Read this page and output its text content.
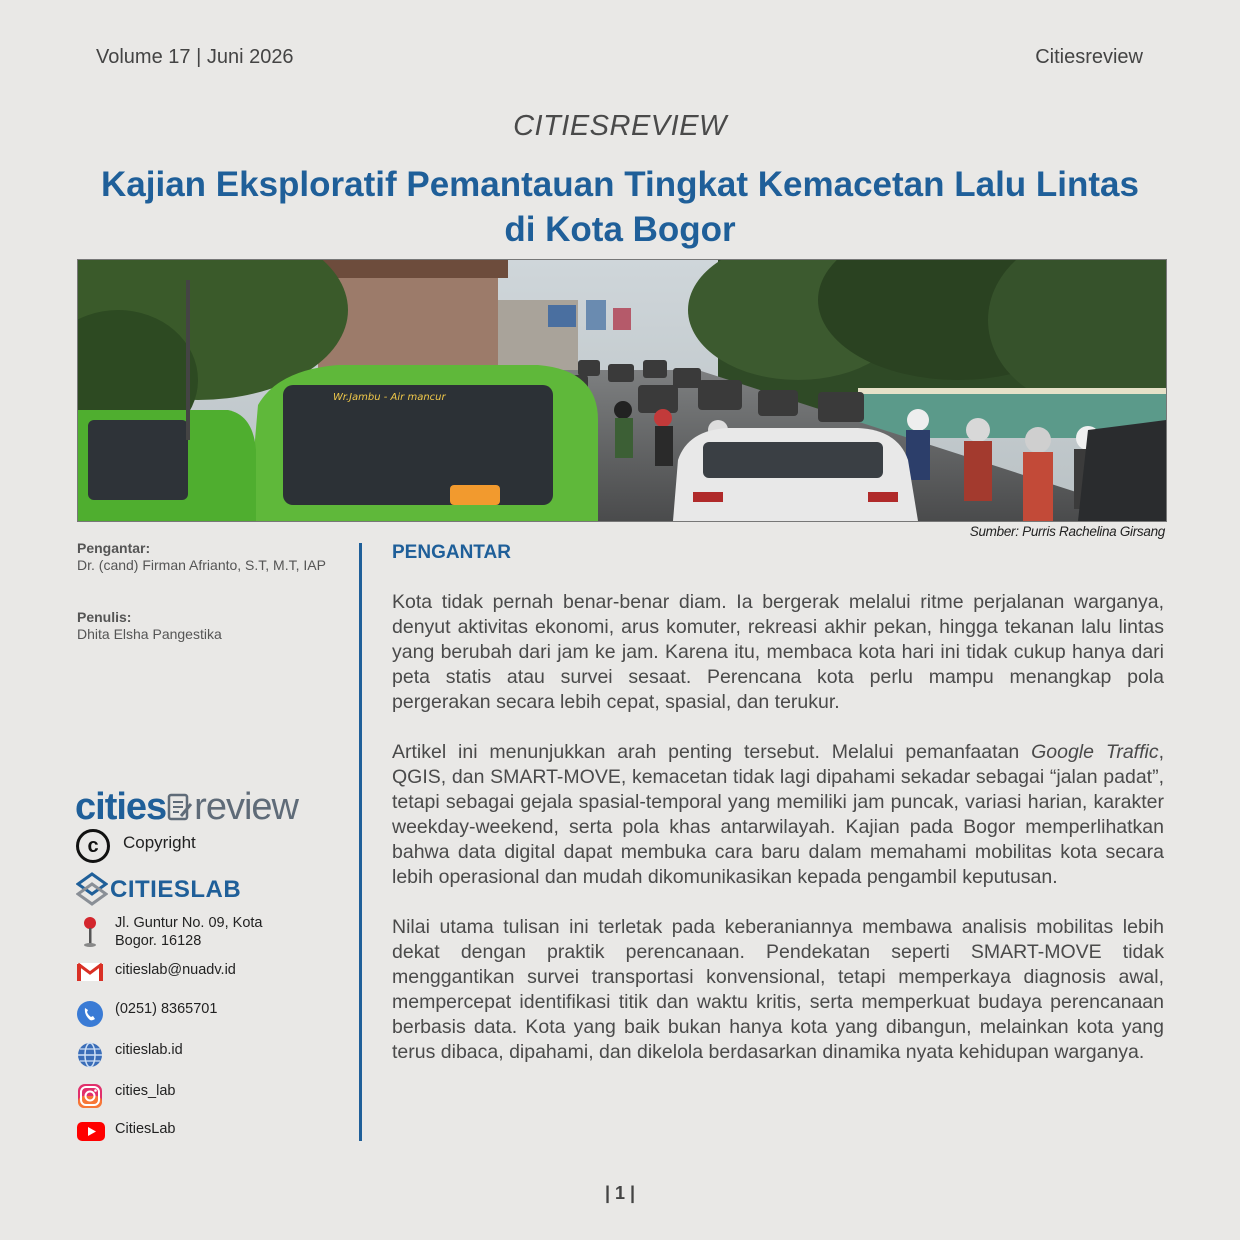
Volume 17 | Juni 2026	Citiesreview
CITIESREVIEW
Kajian Eksploratif Pemantauan Tingkat Kemacetan Lalu Lintas di Kota Bogor
Wr.Jambu - Air mancur
Sumber: Purris Rachelina Girsang
Pengantar:
Dr. (cand) Firman Afrianto, S.T, M.T, IAP
Penulis:
Dhita Elsha Pangestika
PENGANTAR

Kota tidak pernah benar-benar diam. Ia bergerak melalui ritme perjalanan warganya, denyut aktivitas ekonomi, arus komuter, rekreasi akhir pekan, hingga tekanan lalu lintas yang berubah dari jam ke jam. Karena itu, membaca kota hari ini tidak cukup hanya dari peta statis atau survei sesaat. Perencana kota perlu mampu menangkap pola pergerakan secara lebih cepat, spasial, dan terukur.

Artikel ini menunjukkan arah penting tersebut. Melalui pemanfaatan Google Traffic, QGIS, dan SMART-MOVE, kemacetan tidak lagi dipahami sekadar sebagai “jalan padat”, tetapi sebagai gejala spasial-temporal yang memiliki jam puncak, variasi harian, karakter weekday-weekend, serta pola khas antarwilayah. Kajian pada Bogor memperlihatkan bahwa data digital dapat membuka cara baru dalam memahami mobilitas kota secara lebih operasional dan mudah dikomunikasikan kepada pengambil keputusan.

Nilai utama tulisan ini terletak pada keberaniannya membawa analisis mobilitas lebih dekat dengan praktik perencanaan. Pendekatan seperti SMART-MOVE tidak menggantikan survei transportasi konvensional, tetapi memperkaya diagnosis awal, mempercepat identifikasi titik dan waktu kritis, serta memperkuat budaya perencanaan berbasis data. Kota yang baik bukan hanya kota yang dibangun, melainkan kota yang terus dibaca, dipahami, dan dikelola berdasarkan dinamika nyata kehidupan warganya.

cities review
c	Copyright
CITIESLAB
Jl. Guntur No. 09, Kota
Bogor. 16128
citieslab@nuadv.id
(0251) 8365701
citieslab.id
cities_lab
CitiesLab
| 1 |
